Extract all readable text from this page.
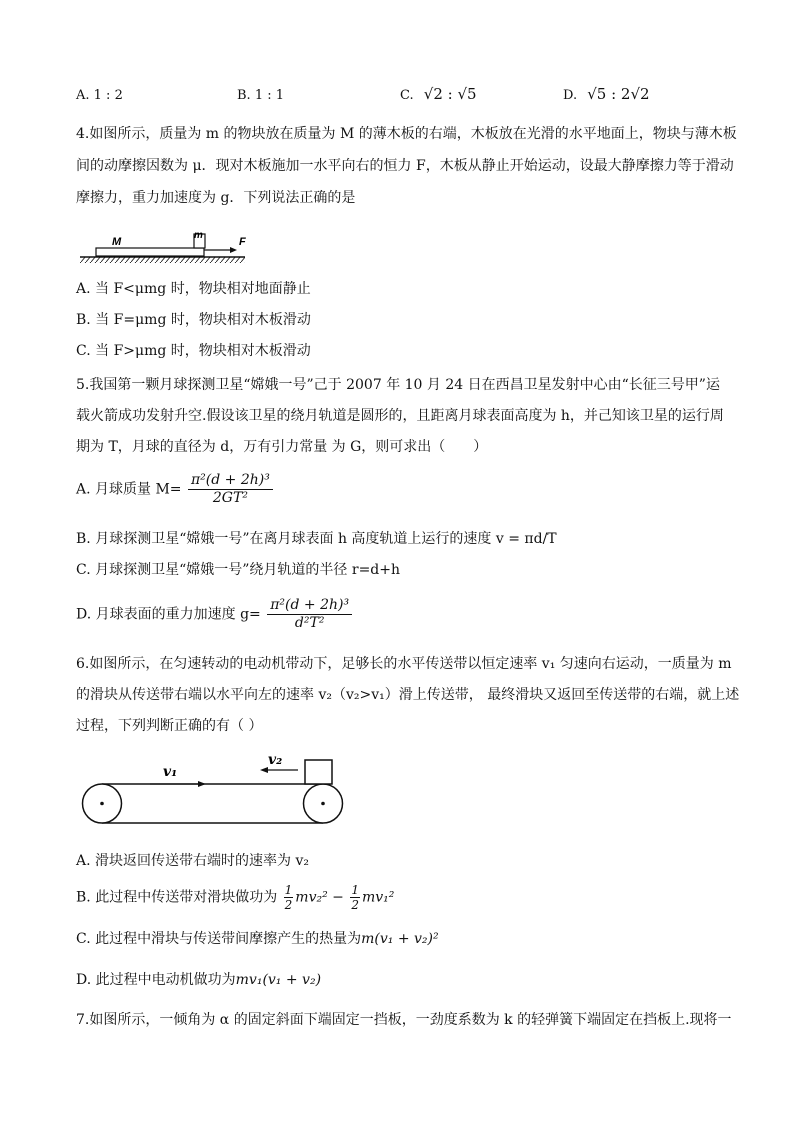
A. 1 : 2	B. 1 : 1	C. √2 : √5	D. √5 : 2√2
4.如图所示，质量为 m 的物块放在质量为 M 的薄木板的右端，木板放在光滑的水平地面上，物块与薄木板
间的动摩擦因数为 μ．现对木板施加一水平向右的恒力 F，木板从静止开始运动，设最大静摩擦力等于滑动
摩擦力，重力加速度为 g．下列说法正确的是
M
m
F
A. 当 F<μmg 时，物块相对地面静止
B. 当 F=μmg 时，物块相对木板滑动
C. 当 F>μmg 时，物块相对木板滑动
5.我国第一颗月球探测卫星“嫦娥一号”己于 2007 年 10 月 24 日在西昌卫星发射中心由“长征三号甲”运
载火箭成功发射升空.假设该卫星的绕月轨道是圆形的，且距离月球表面高度为 h，并己知该卫星的运行周
期为 T，月球的直径为 d，万有引力常量 为 G，则可求出（　　）
A. 月球质量 $M= \frac{\text{π²(d + 2h)³}}{\text{2GT²}}$
B. 月球探测卫星“嫦娥一号”在离月球表面 h 高度轨道上运行的速度 v = πd/T
C. 月球探测卫星“嫦娥一号”绕月轨道的半径 r=d+h
D. 月球表面的重力加速度 $g= \frac{\text{π²(d + 2h)³}}{\text{d²T²}}$
6.如图所示，在匀速转动的电动机带动下，足够长的水平传送带以恒定速率 v₁ 匀速向右运动，一质量为 m
的滑块从传送带右端以水平向左的速率 v₂（v₂>v₁）滑上传送带， 最终滑块又返回至传送带的右端，就上述
过程，下列判断正确的有（ ）
v₁
v₂
A. 滑块返回传送带右端时的速率为 v₂
B. 此过程中传送带对滑块做功为 $\frac{1}{2} mv_2^2 - \frac{1}{2} mv_1^2$
C. 此过程中滑块与传送带间摩擦产生的热量为m(v₁ + v₂)²
D. 此过程中电动机做功为mv₁(v₁ + v₂)
7.如图所示，一倾角为 α 的固定斜面下端固定一挡板，一劲度系数为 k 的轻弹簧下端固定在挡板上.现将一
